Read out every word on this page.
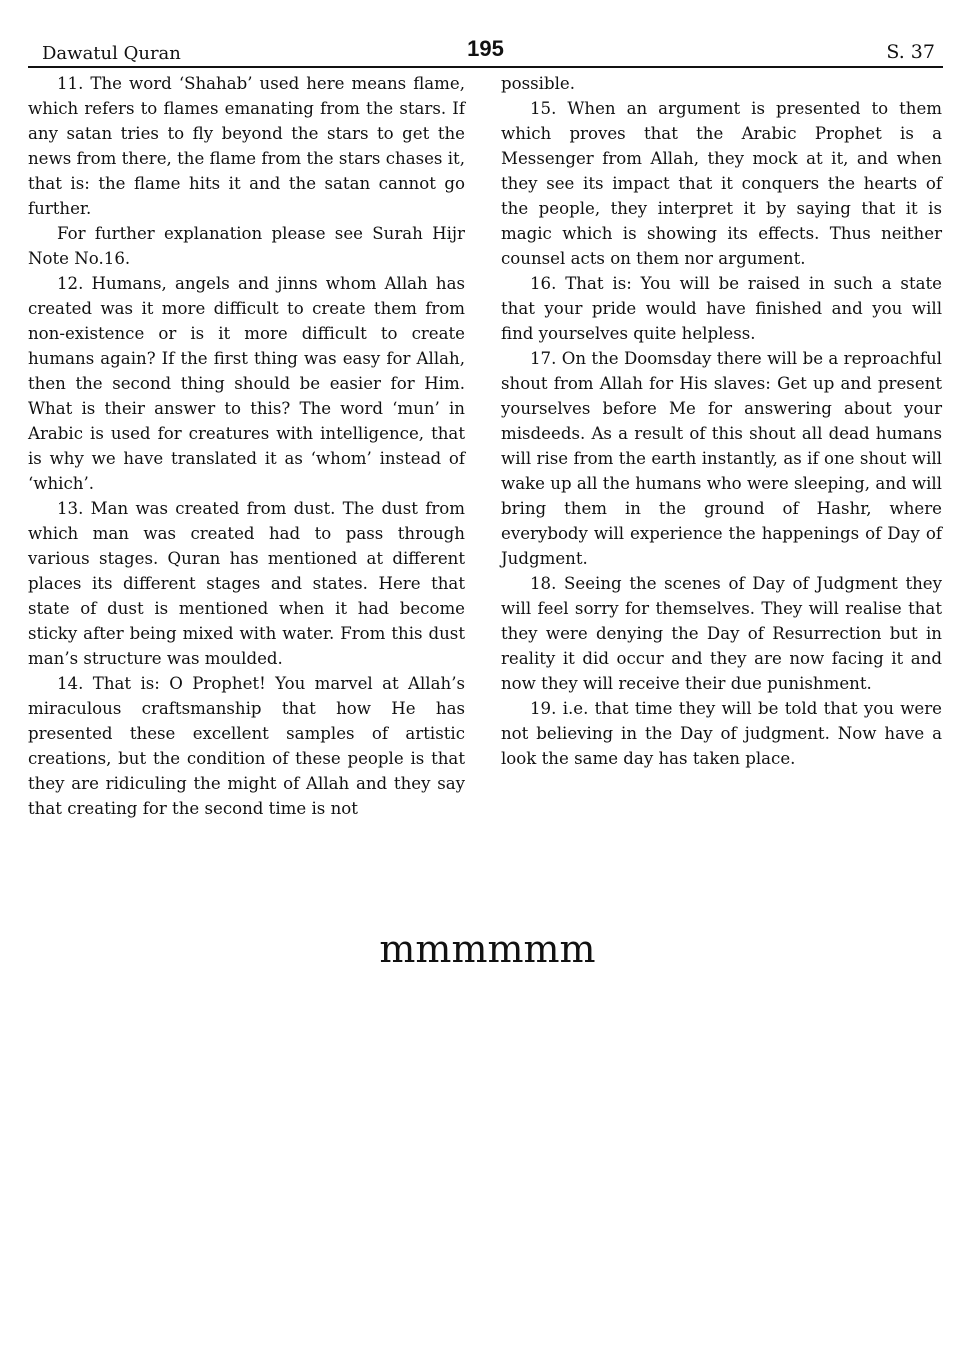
Dawatul Quran	195	S. 37

11. The word ‘Shahab’ used here means flame, which refers to flames emanating from the stars. If any satan tries to fly beyond the stars to get the news from there, the flame from the stars chases it, that is: the flame hits it and the satan cannot go further.

For further explanation please see Surah Hijr Note No.16.

12. Humans, angels and jinns whom Allah has created was it more difficult to create them from non-existence or is it more difficult to create humans again? If the first thing was easy for Allah, then the second thing should be easier for Him. What is their answer to this? The word ‘mun’ in Arabic is used for creatures with intelligence, that is why we have translated it as ‘whom’ instead of ‘which’.

13. Man was created from dust. The dust from which man was created had to pass through various stages. Quran has mentioned at different places its different stages and states. Here that state of dust is mentioned when it had become sticky after being mixed with water. From this dust man’s structure was moulded.

14. That is: O Prophet! You marvel at Allah’s miraculous craftsmanship that how He has presented these excellent samples of artistic creations, but the condition of these people is that they are ridiculing the might of Allah and they say that creating for the second time is not

possible.

15. When an argument is presented to them which proves that the Arabic Prophet is a Messenger from Allah, they mock at it, and when they see its impact that it conquers the hearts of the people, they interpret it by saying that it is magic which is showing its effects. Thus neither counsel acts on them nor argument.

16. That is: You will be raised in such a state that your pride would have finished and you will find yourselves quite helpless.

17. On the Doomsday there will be a reproachful shout from Allah for His slaves: Get up and present yourselves before Me for answering about your misdeeds. As a result of this shout all dead humans will rise from the earth instantly, as if one shout will wake up all the humans who were sleeping, and will bring them in the ground of Hashr, where everybody will experience the happenings of Day of Judgment.

18. Seeing the scenes of Day of Judgment they will feel sorry for themselves. They will realise that they were denying the Day of Resurrection but in reality it did occur and they are now facing it and now they will receive their due punishment.

19. i.e. that time they will be told that you were not believing in the Day of judgment. Now have a look the same day has taken place.

mmmmmm
